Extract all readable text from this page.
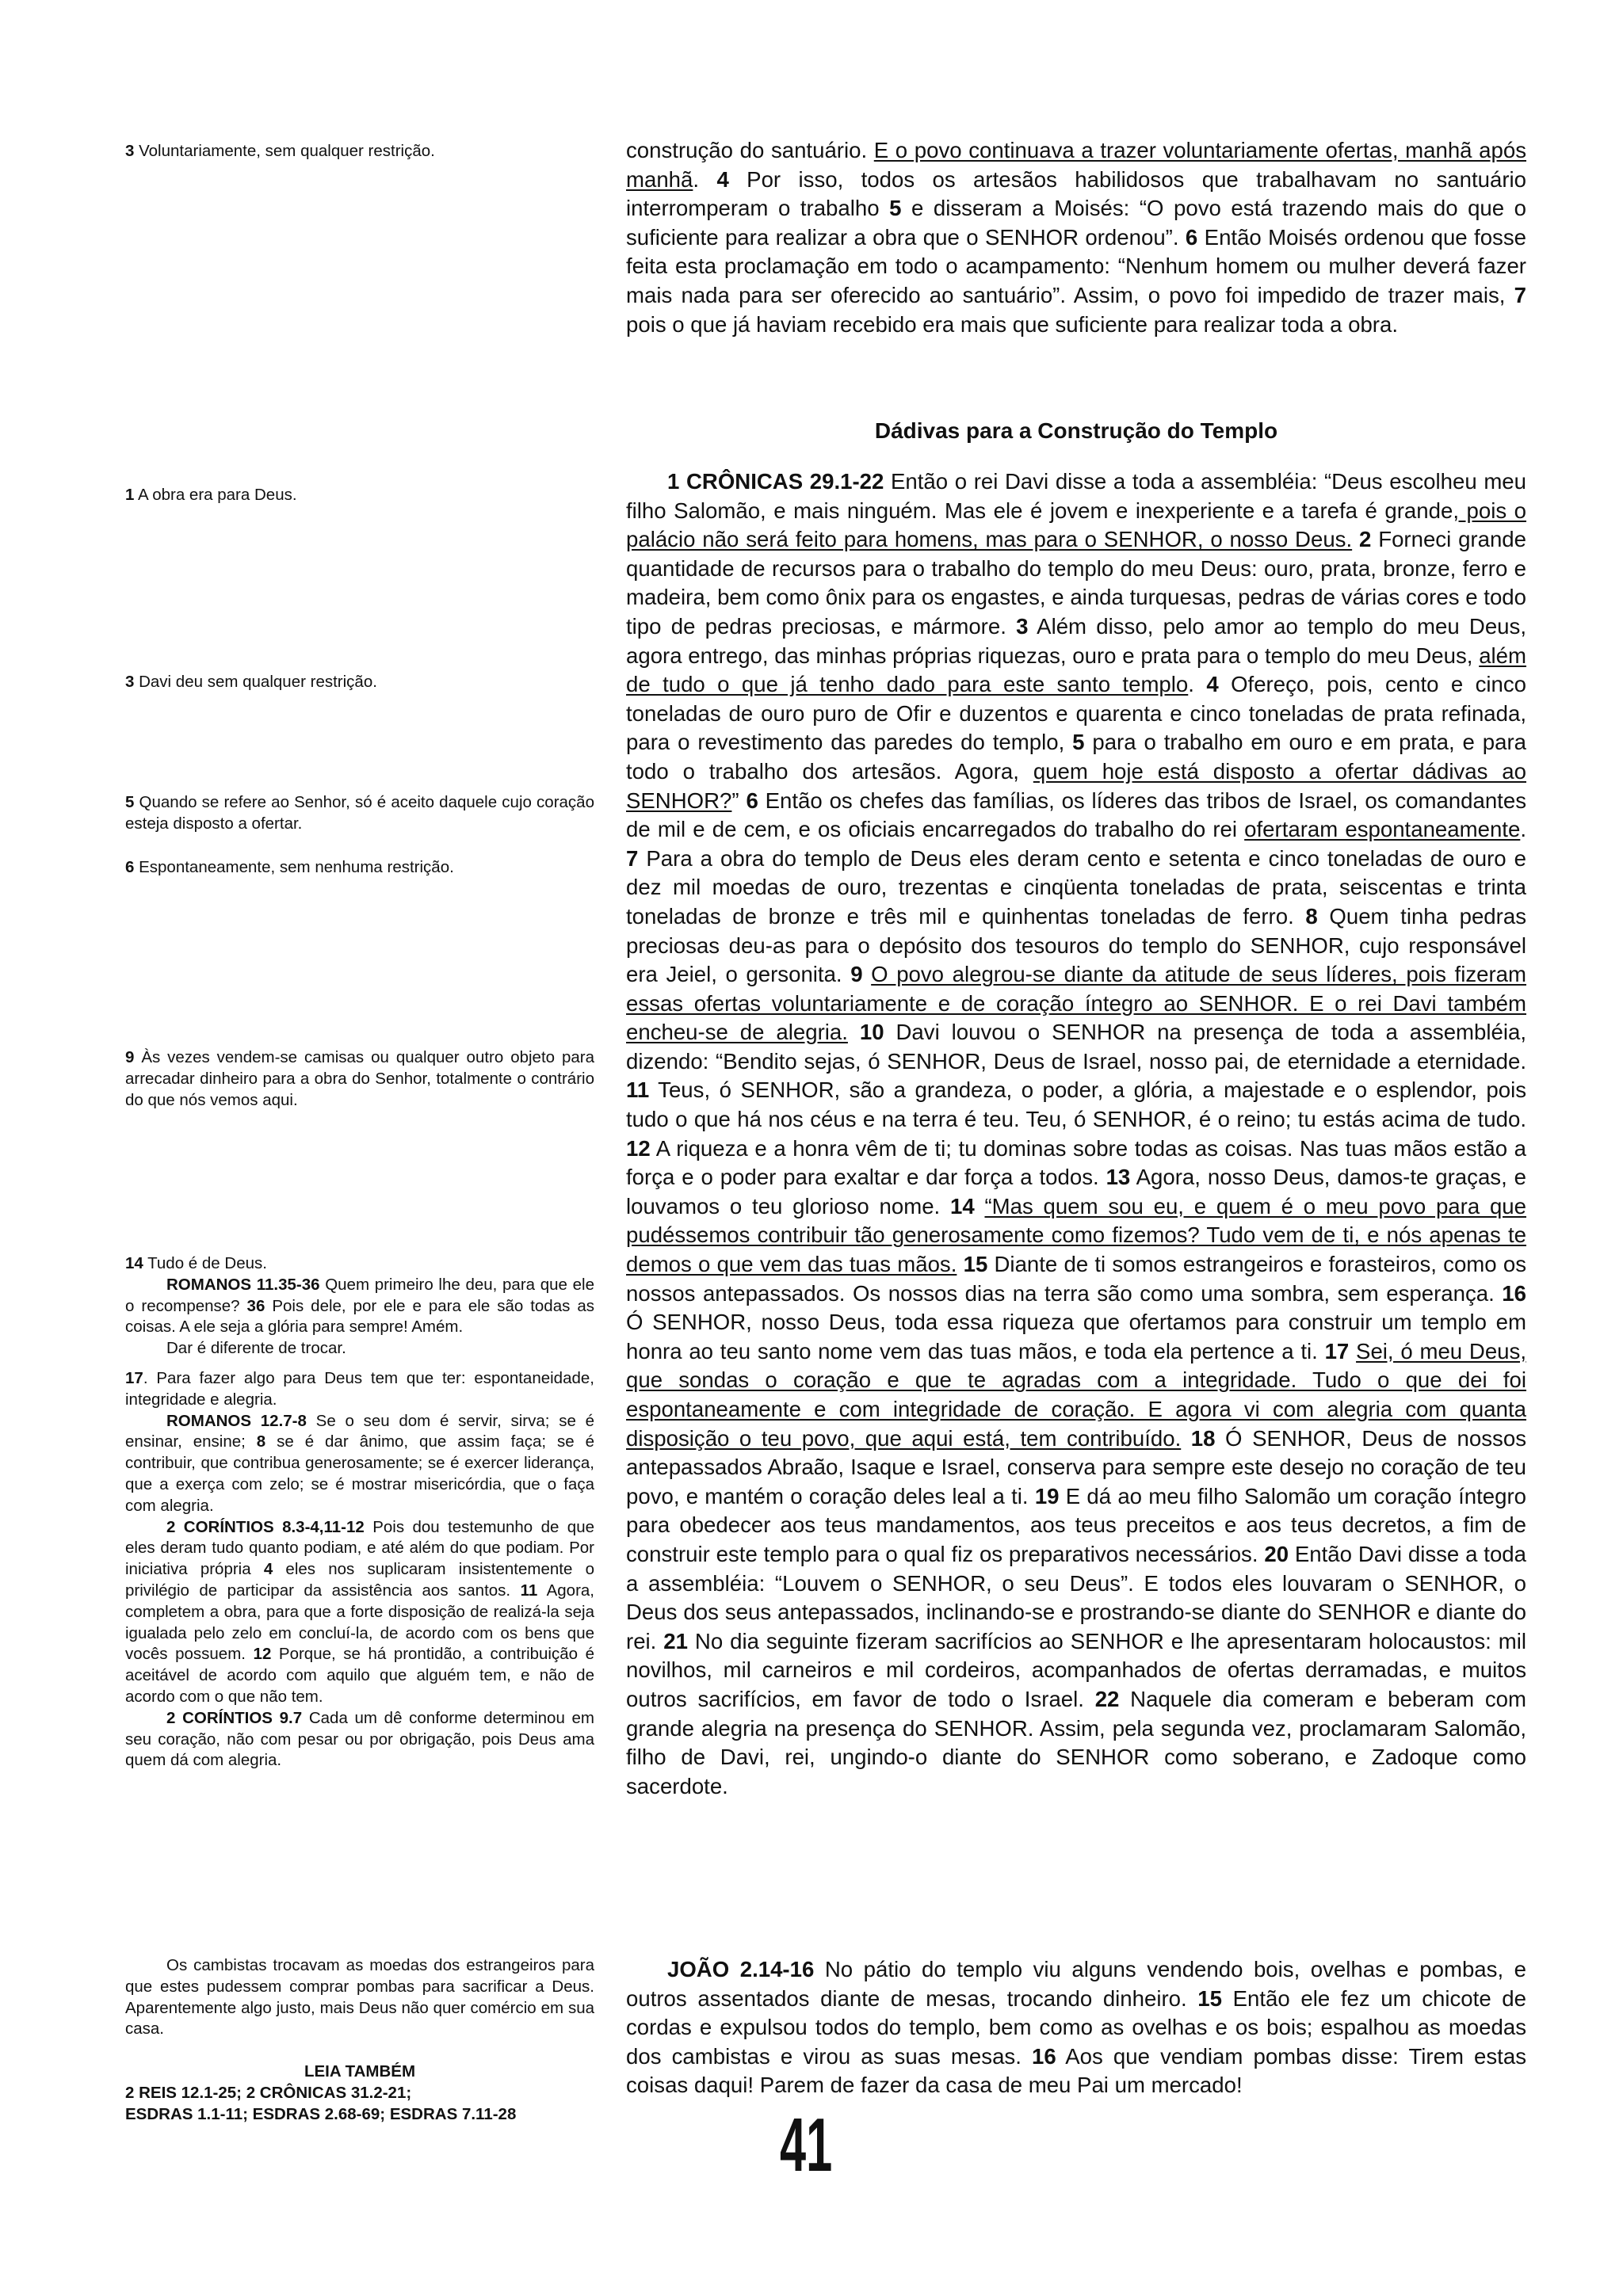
3 Voluntariamente, sem qualquer restrição.

1 A obra era para Deus.

3 Davi deu sem qualquer restrição.

5 Quando se refere ao Senhor, só é aceito daquele cujo coração esteja disposto a ofertar.

6 Espontaneamente, sem nenhuma restrição.

9 Às vezes vendem-se camisas ou qualquer outro objeto para arrecadar dinheiro para a obra do Senhor, totalmente o contrário do que nós vemos aqui.

14 Tudo é de Deus.

ROMANOS 11.35-36 Quem primeiro lhe deu, para que ele o recompense? 36 Pois dele, por ele e para ele são todas as coisas. A ele seja a glória para sempre! Amém.

Dar é diferente de trocar.

17. Para fazer algo para Deus tem que ter: espontaneidade, integridade e alegria.

ROMANOS 12.7-8 Se o seu dom é servir, sirva; se é ensinar, ensine; 8 se é dar ânimo, que assim faça; se é contribuir, que contribua generosamente; se é exercer liderança, que a exerça com zelo; se é mostrar misericórdia, que o faça com alegria.

2 CORÍNTIOS 8.3-4,11-12 Pois dou testemunho de que eles deram tudo quanto podiam, e até além do que podiam. Por iniciativa própria 4 eles nos suplicaram insistentemente o privilégio de participar da assistência aos santos. 11 Agora, completem a obra, para que a forte disposição de realizá-la seja igualada pelo zelo em concluí-la, de acordo com os bens que vocês possuem. 12 Porque, se há prontidão, a contribuição é aceitável de acordo com aquilo que alguém tem, e não de acordo com o que não tem.

2 CORÍNTIOS 9.7 Cada um dê conforme determinou em seu coração, não com pesar ou por obrigação, pois Deus ama quem dá com alegria.

Os cambistas trocavam as moedas dos estrangeiros para que estes pudessem comprar pombas para sacrificar a Deus. Aparentemente algo justo, mais Deus não quer comércio em sua casa.

LEIA TAMBÉM

2 REIS 12.1-25; 2 CRÔNICAS 31.2-21;

ESDRAS 1.1-11; ESDRAS 2.68-69; ESDRAS 7.11-28

construção do santuário. E o povo continuava a trazer voluntariamente ofertas, manhã após manhã. 4 Por isso, todos os artesãos habilidosos que trabalhavam no santuário interromperam o trabalho 5 e disseram a Moisés: “O povo está trazendo mais do que o suficiente para realizar a obra que o SENHOR ordenou”. 6 Então Moisés ordenou que fosse feita esta proclamação em todo o acampamento: “Nenhum homem ou mulher deverá fazer mais nada para ser oferecido ao santuário”. Assim, o povo foi impedido de trazer mais, 7 pois o que já haviam recebido era mais que suficiente para realizar toda a obra.

Dádivas para a Construção do Templo

1 CRÔNICAS 29.1-22 Então o rei Davi disse a toda a assembléia: “Deus escolheu meu filho Salomão, e mais ninguém. Mas ele é jovem e inexperiente e a tarefa é grande, pois o palácio não será feito para homens, mas para o SENHOR, o nosso Deus. 2 Forneci grande quantidade de recursos para o trabalho do templo do meu Deus: ouro, prata, bronze, ferro e madeira, bem como ônix para os engastes, e ainda turquesas, pedras de várias cores e todo tipo de pedras preciosas, e mármore. 3 Além disso, pelo amor ao templo do meu Deus, agora entrego, das minhas próprias riquezas, ouro e prata para o templo do meu Deus, além de tudo o que já tenho dado para este santo templo. 4 Ofereço, pois, cento e cinco toneladas de ouro puro de Ofir e duzentos e quarenta e cinco toneladas de prata refinada, para o revestimento das paredes do templo, 5 para o trabalho em ouro e em prata, e para todo o trabalho dos artesãos. Agora, quem hoje está disposto a ofertar dádivas ao SENHOR?” 6 Então os chefes das famílias, os líderes das tribos de Israel, os comandantes de mil e de cem, e os oficiais encarregados do trabalho do rei ofertaram espontaneamente. 7 Para a obra do templo de Deus eles deram cento e setenta e cinco toneladas de ouro e dez mil moedas de ouro, trezentas e cinqüenta toneladas de prata, seiscentas e trinta toneladas de bronze e três mil e quinhentas toneladas de ferro. 8 Quem tinha pedras preciosas deu-as para o depósito dos tesouros do templo do SENHOR, cujo responsável era Jeiel, o gersonita. 9 O povo alegrou-se diante da atitude de seus líderes, pois fizeram essas ofertas voluntariamente e de coração íntegro ao SENHOR. E o rei Davi também encheu-se de alegria. 10 Davi louvou o SENHOR na presença de toda a assembléia, dizendo: “Bendito sejas, ó SENHOR, Deus de Israel, nosso pai, de eternidade a eternidade. 11 Teus, ó SENHOR, são a grandeza, o poder, a glória, a majestade e o esplendor, pois tudo o que há nos céus e na terra é teu. Teu, ó SENHOR, é o reino; tu estás acima de tudo. 12 A riqueza e a honra vêm de ti; tu dominas sobre todas as coisas. Nas tuas mãos estão a força e o poder para exaltar e dar força a todos. 13 Agora, nosso Deus, damos-te graças, e louvamos o teu glorioso nome. 14 “Mas quem sou eu, e quem é o meu povo para que pudéssemos contribuir tão generosamente como fizemos? Tudo vem de ti, e nós apenas te demos o que vem das tuas mãos. 15 Diante de ti somos estrangeiros e forasteiros, como os nossos antepassados. Os nossos dias na terra são como uma sombra, sem esperança. 16 Ó SENHOR, nosso Deus, toda essa riqueza que ofertamos para construir um templo em honra ao teu santo nome vem das tuas mãos, e toda ela pertence a ti. 17 Sei, ó meu Deus, que sondas o coração e que te agradas com a integridade. Tudo o que dei foi espontaneamente e com integridade de coração. E agora vi com alegria com quanta disposição o teu povo, que aqui está, tem contribuído. 18 Ó SENHOR, Deus de nossos antepassados Abraão, Isaque e Israel, conserva para sempre este desejo no coração de teu povo, e mantém o coração deles leal a ti. 19 E dá ao meu filho Salomão um coração íntegro para obedecer aos teus mandamentos, aos teus preceitos e aos teus decretos, a fim de construir este templo para o qual fiz os preparativos necessários. 20 Então Davi disse a toda a assembléia: “Louvem o SENHOR, o seu Deus”. E todos eles louvaram o SENHOR, o Deus dos seus antepassados, inclinando-se e prostrando-se diante do SENHOR e diante do rei. 21 No dia seguinte fizeram sacrifícios ao SENHOR e lhe apresentaram holocaustos: mil novilhos, mil carneiros e mil cordeiros, acompanhados de ofertas derramadas, e muitos outros sacrifícios, em favor de todo o Israel. 22 Naquele dia comeram e beberam com grande alegria na presença do SENHOR. Assim, pela segunda vez, proclamaram Salomão, filho de Davi, rei, ungindo-o diante do SENHOR como soberano, e Zadoque como sacerdote.

JOÃO 2.14-16 No pátio do templo viu alguns vendendo bois, ovelhas e pombas, e outros assentados diante de mesas, trocando dinheiro. 15 Então ele fez um chicote de cordas e expulsou todos do templo, bem como as ovelhas e os bois; espalhou as moedas dos cambistas e virou as suas mesas. 16 Aos que vendiam pombas disse: Tirem estas coisas daqui! Parem de fazer da casa de meu Pai um mercado!

41
